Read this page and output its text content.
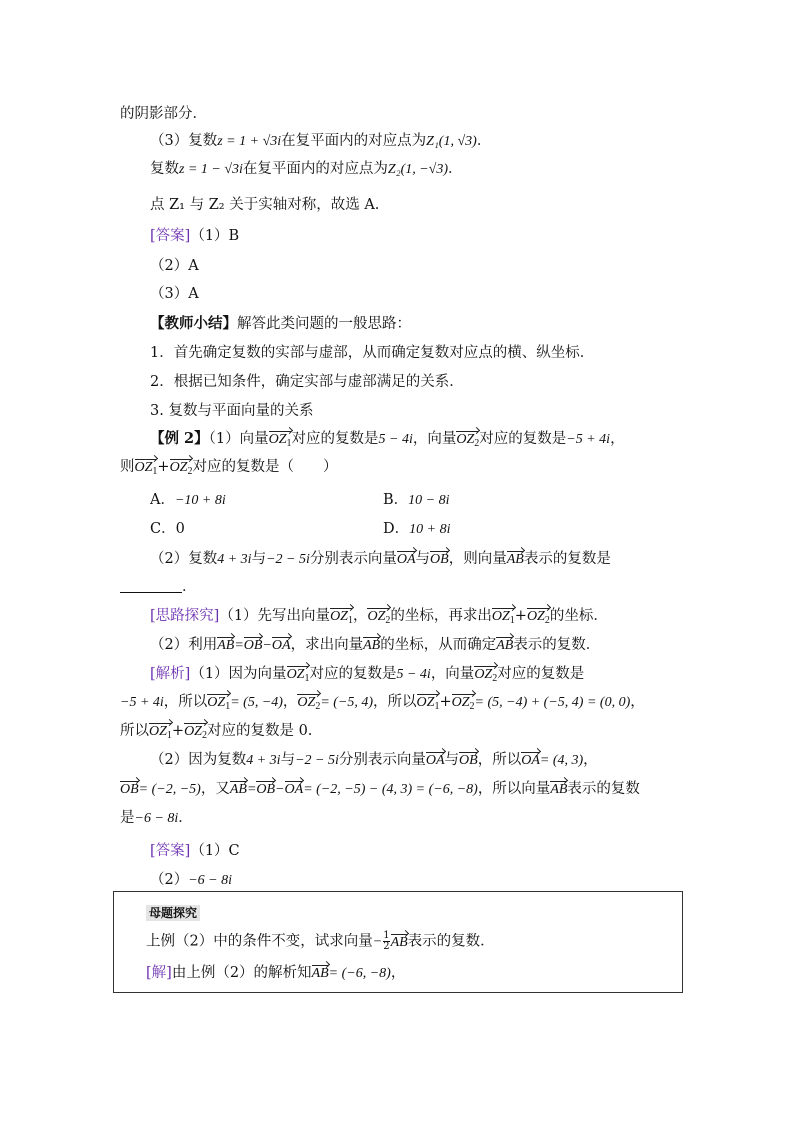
的阴影部分．
（3）复数z = 1 + √3i在复平面内的对应点为Z₁(1, √3)．
复数z = 1 − √3i在复平面内的对应点为Z₂(1, −√3)．
点 Z₁ 与 Z₂ 关于实轴对称，故选 A.
[答案]（1）B
（2）A
（3）A
【教师小结】解答此类问题的一般思路：
1．首先确定复数的实部与虚部，从而确定复数对应点的横、纵坐标．
2．根据已知条件，确定实部与虚部满足的关系．
3. 复数与平面向量的关系
【例 2】（1）向量$OZ_1$对应的复数是5 − 4i，向量$OZ_2$对应的复数是−5 + 4i，
则$OZ_1+OZ_2$对应的复数是（　　）
A．−10 + 8i	B．10 − 8i
C．0	D．10 + 8i
（2）复数4 + 3i与−2 − 5i分别表示向量OA与OB，则向量AB表示的复数是
．
[思路探究]（1）先写出向量$OZ_1$，$OZ_2$的坐标，再求出$OZ_1+OZ_2$的坐标．
（2）利用AB=OB−OA，求出向量AB的坐标，从而确定AB表示的复数．
[解析]（1）因为向量$OZ_1$对应的复数是5 − 4i，向量$OZ_2$对应的复数是
−5 + 4i，所以$OZ_1= (5$, −4)，$OZ_2= (-5$, 4)，所以$OZ_1+OZ_2= (5$, −4) + (−5, 4) = (0, 0)，
所以$OZ_1+OZ_2$对应的复数是 0.
（2）因为复数4 + 3i与−2 − 5i分别表示向量OA与OB，所以OA= (4, 3)，
OB= (−2, −5)，又AB=OB−OA= (−2, −5) − (4, 3) = (−6, −8)，所以向量AB表示的复数
是−6 − 8i．
[答案]（1）C
（2）−6 − 8i
母题探究
上例（2）中的条件不变，试求向量− $\frac{1}{2}$ AB表示的复数．
[解]由上例（2）的解析知AB= (−6, −8)，
